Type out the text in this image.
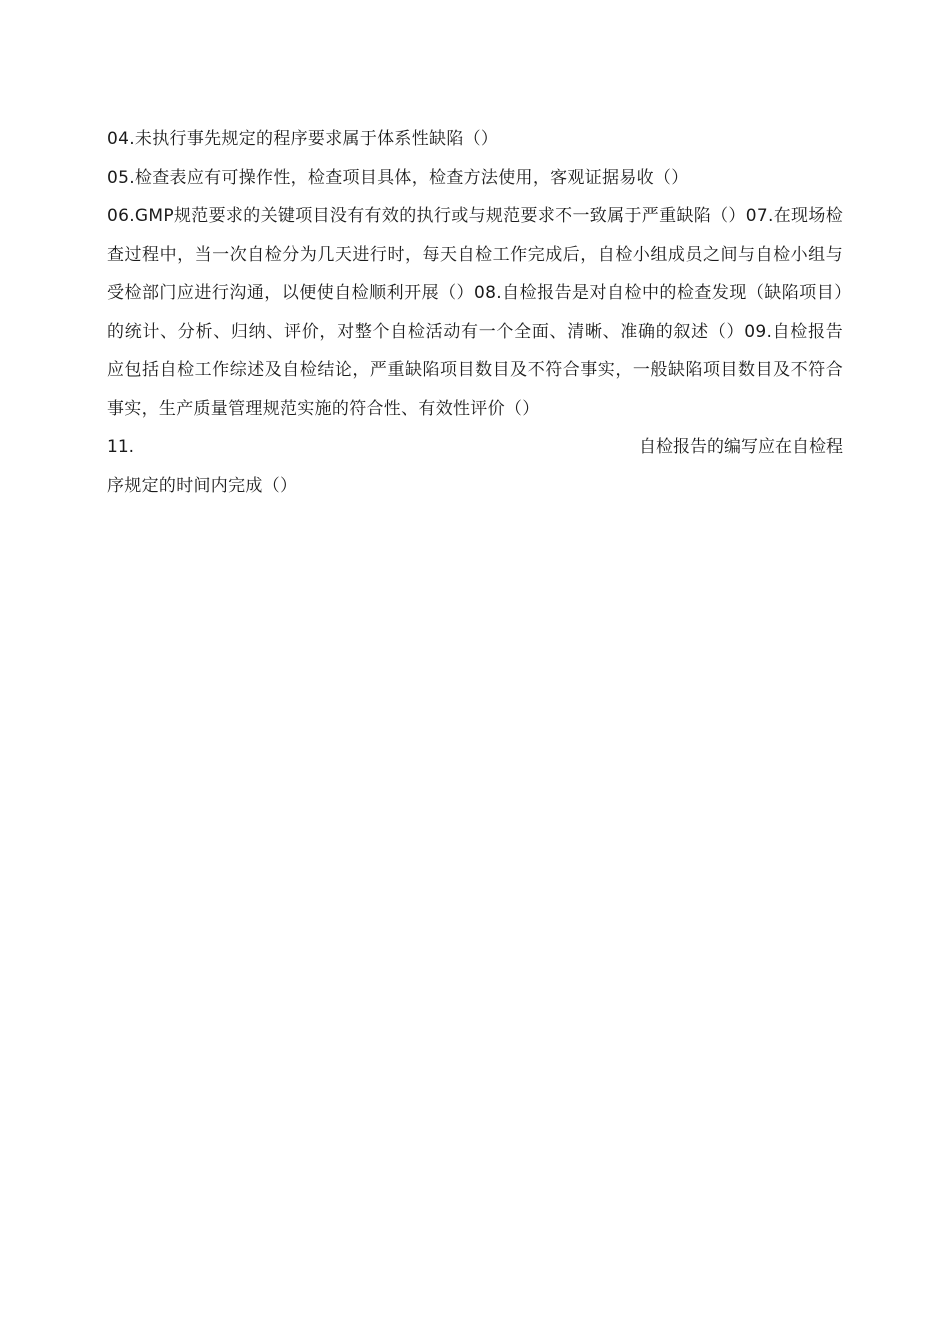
04.未执行事先规定的程序要求属于体系性缺陷（）

05.检查表应有可操作性，检查项目具体，检查方法使用，客观证据易收（）

06.GMP规范要求的关键项目没有有效的执行或与规范要求不一致属于严重缺陷（）07.在现场检查过程中，当一次自检分为几天进行时，每天自检工作完成后，自检小组成员之间与自检小组与受检部门应进行沟通，以便使自检顺利开展（）08.自检报告是对自检中的检查发现（缺陷项目）的统计、分析、归纳、评价，对整个自检活动有一个全面、清晰、准确的叙述（）09.自检报告应包括自检工作综述及自检结论，严重缺陷项目数目及不符合事实，一般缺陷项目数目及不符合事实，生产质量管理规范实施的符合性、有效性评价（）

11.	自检报告的编写应在自检程

序规定的时间内完成（）
